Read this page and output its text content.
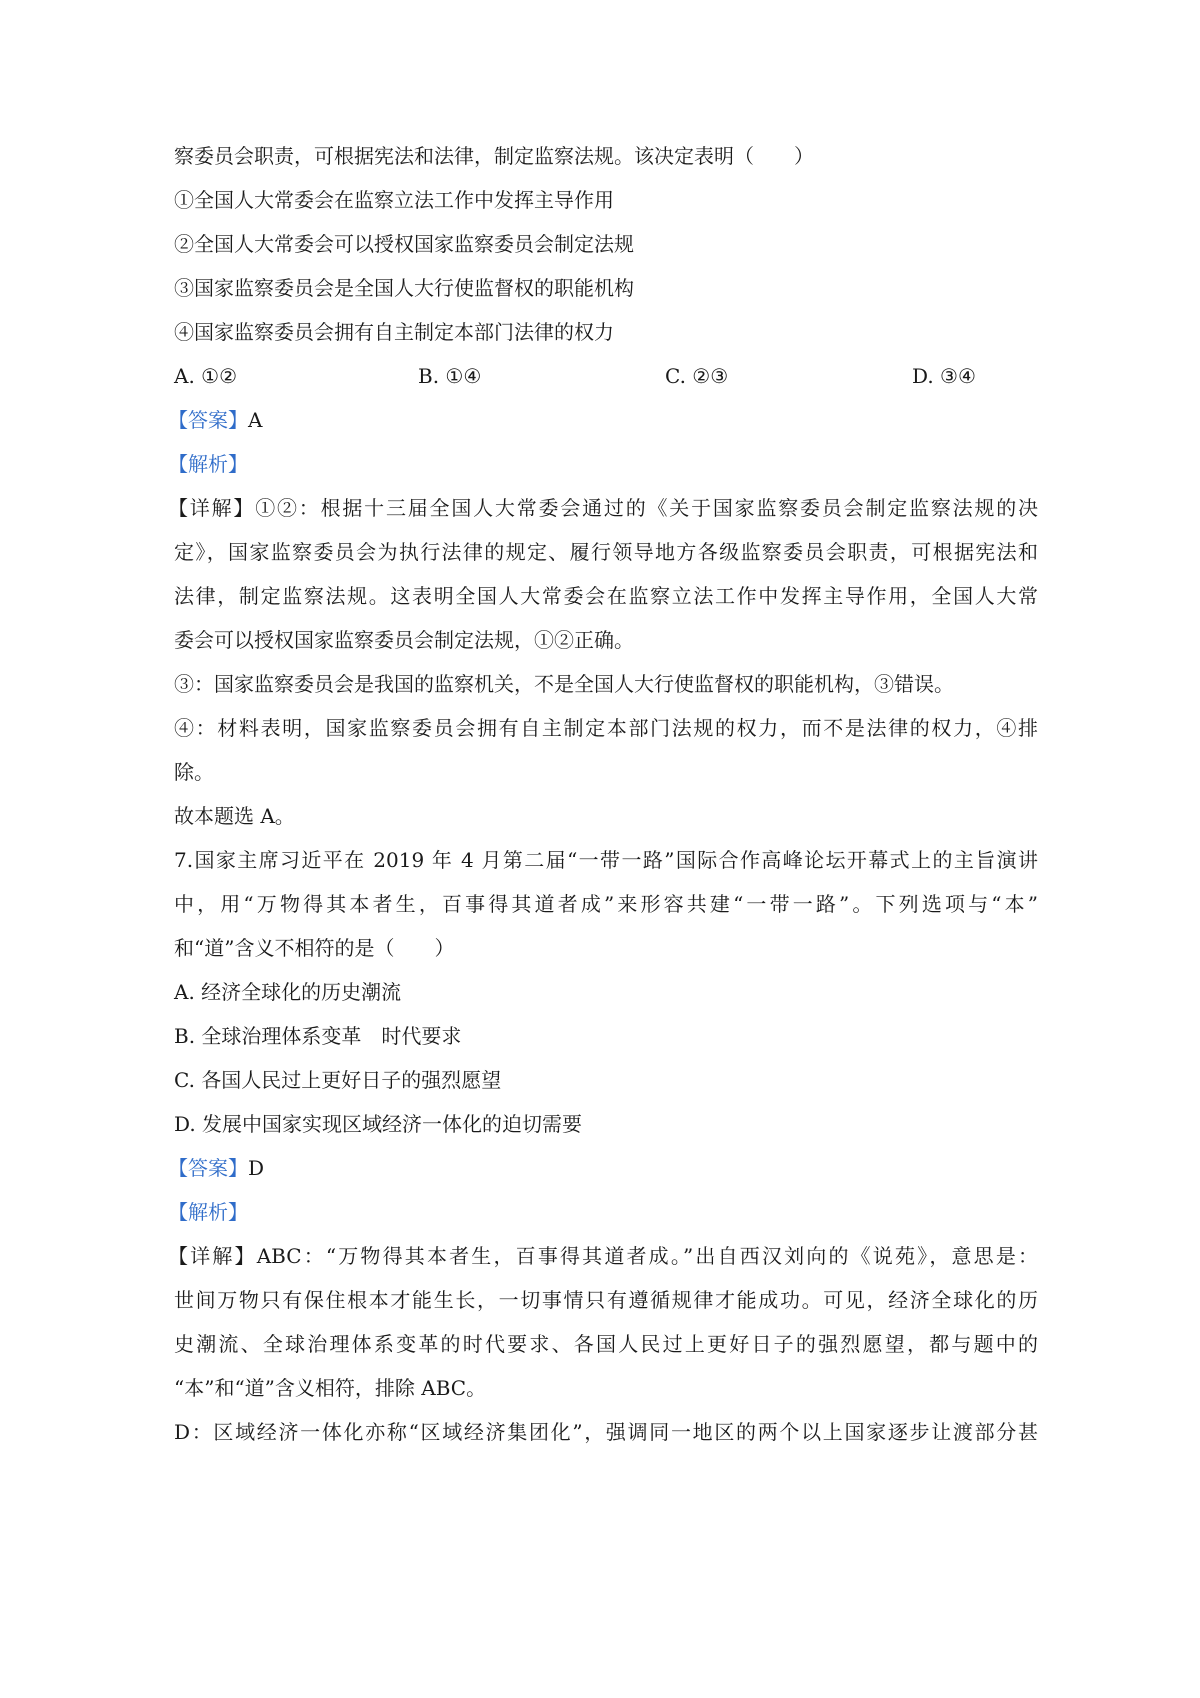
察委员会职责，可根据宪法和法律，制定监察法规。该决定表明（　　）
①全国人大常委会在监察立法工作中发挥主导作用
②全国人大常委会可以授权国家监察委员会制定法规
③国家监察委员会是全国人大行使监督权的职能机构
④国家监察委员会拥有自主制定本部门法律的权力
A. ①②	B. ①④	C. ②③	D. ③④
【答案】A
【解析】
【详解】①②：根据十三届全国人大常委会通过的《关于国家监察委员会制定监察法规的决
定》，国家监察委员会为执行法律的规定、履行领导地方各级监察委员会职责，可根据宪法和
法律，制定监察法规。这表明全国人大常委会在监察立法工作中发挥主导作用，全国人大常
委会可以授权国家监察委员会制定法规，①②正确。
③：国家监察委员会是我国的监察机关，不是全国人大行使监督权的职能机构，③错误。
④：材料表明，国家监察委员会拥有自主制定本部门法规的权力，而不是法律的权力，④排
除。
故本题选 A。
7.国家主席习近平在 2019 年 4 月第二届“一带一路”国际合作高峰论坛开幕式上的主旨演讲
中，用“万物得其本者生，百事得其道者成”来形容共建“一带一路”。下列选项与“本”
和“道”含义不相符的是（　　）
A. 经济全球化的历史潮流
B. 全球治理体系变革　时代要求
C. 各国人民过上更好日子的强烈愿望
D. 发展中国家实现区域经济一体化的迫切需要
【答案】D
【解析】
【详解】ABC：“万物得其本者生，百事得其道者成。”出自西汉刘向的《说苑》，意思是：
世间万物只有保住根本才能生长，一切事情只有遵循规律才能成功。可见，经济全球化的历
史潮流、全球治理体系变革的时代要求、各国人民过上更好日子的强烈愿望，都与题中的
“本”和“道”含义相符，排除 ABC。
D：区域经济一体化亦称“区域经济集团化”，强调同一地区的两个以上国家逐步让渡部分甚
